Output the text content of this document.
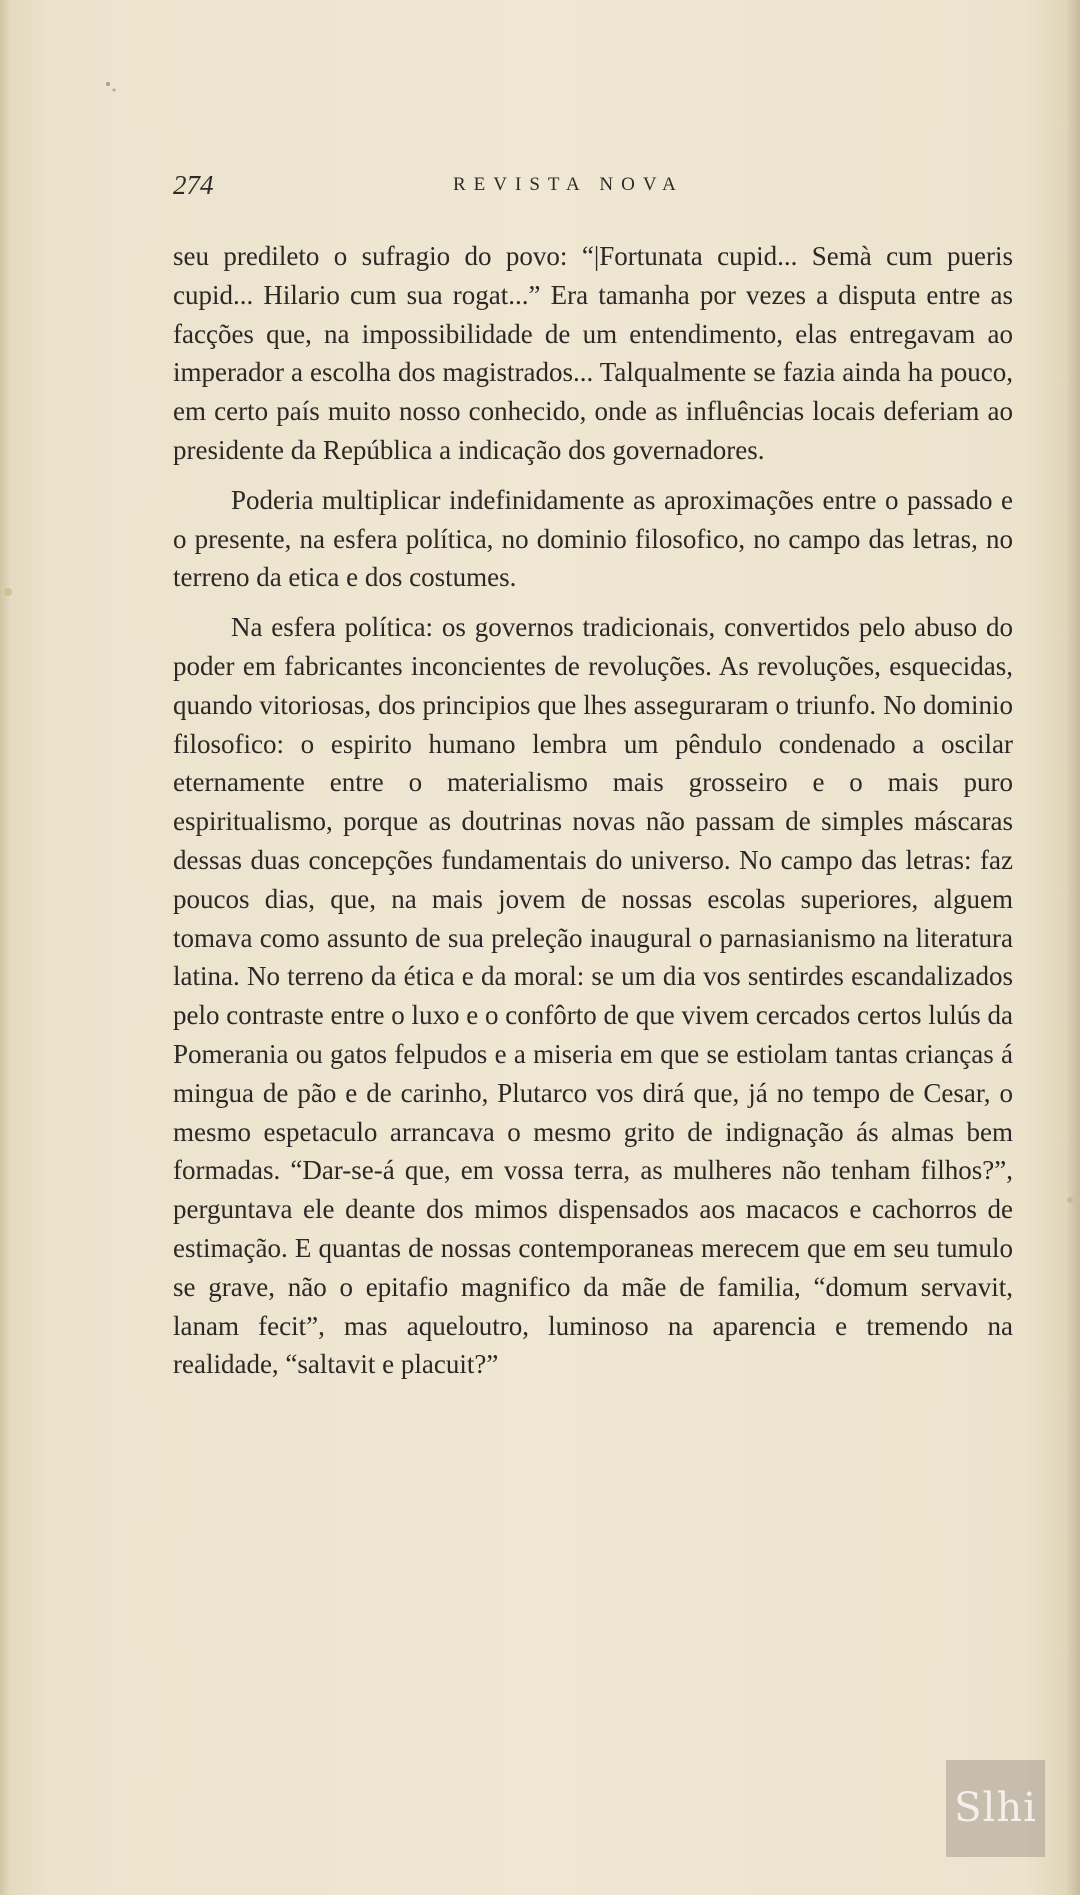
274	REVISTA NOVA

seu predileto o sufragio do povo: “|Fortunata cupid... Semà cum pueris cupid... Hilario cum sua rogat...” Era tamanha por vezes a disputa entre as facções que, na impossibilidade de um entendimento, elas entregavam ao imperador a escolha dos magistrados... Talqualmente se fazia ainda ha pouco, em certo país muito nosso conhecido, onde as influências locais deferiam ao presidente da República a indicação dos governadores.

Poderia multiplicar indefinidamente as aproximações entre o passado e o presente, na esfera política, no dominio filosofico, no campo das letras, no terreno da etica e dos costumes.

Na esfera política: os governos tradicionais, convertidos pelo abuso do poder em fabricantes inconcientes de revoluções. As revoluções, esquecidas, quando vitoriosas, dos principios que lhes asseguraram o triunfo. No dominio filosofico: o espirito humano lembra um pêndulo condenado a oscilar eternamente entre o materialismo mais grosseiro e o mais puro espiritualismo, porque as doutrinas novas não passam de simples máscaras dessas duas concepções fundamentais do universo. No campo das letras: faz poucos dias, que, na mais jovem de nossas escolas superiores, alguem tomava como assunto de sua preleção inaugural o parnasianismo na literatura latina. No terreno da ética e da moral: se um dia vos sentirdes escandalizados pelo contraste entre o luxo e o confôrto de que vivem cercados certos lulús da Pomerania ou gatos felpudos e a miseria em que se estiolam tantas crianças á mingua de pão e de carinho, Plutarco vos dirá que, já no tempo de Cesar, o mesmo espetaculo arrancava o mesmo grito de indignação ás almas bem formadas. “Dar-se-á que, em vossa terra, as mulheres não tenham filhos?”, perguntava ele deante dos mimos dispensados aos macacos e cachorros de estimação. E quantas de nossas contemporaneas merecem que em seu tumulo se grave, não o epitafio magnifico da mãe de familia, “domum servavit, lanam fecit”, mas aqueloutro, luminoso na aparencia e tremendo na realidade, “saltavit e placuit?”

Slhi
